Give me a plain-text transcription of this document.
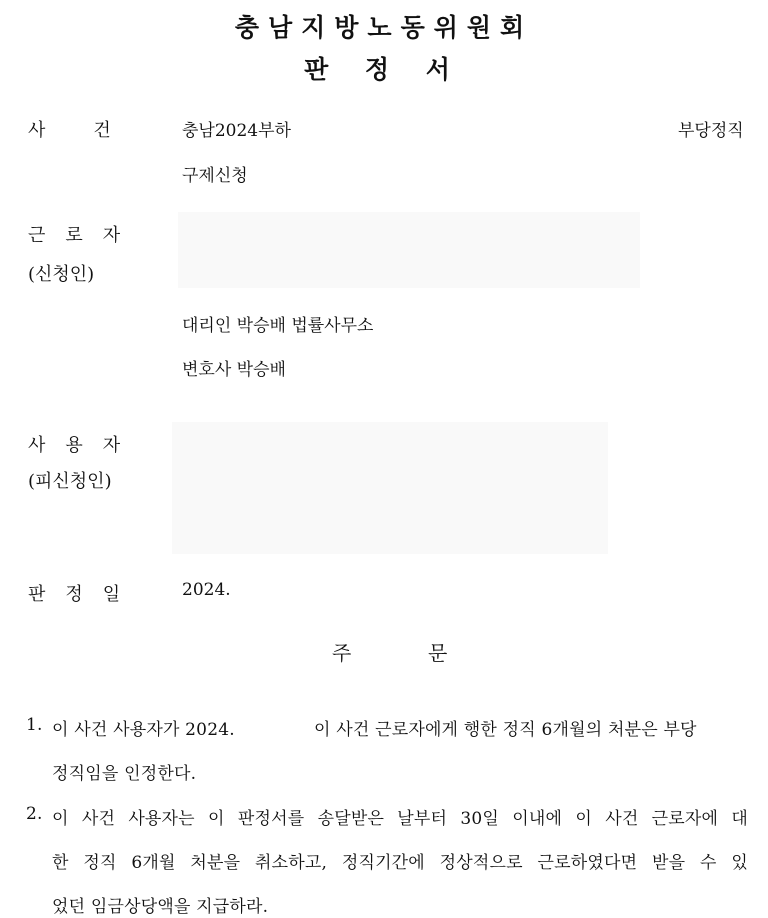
충남지방노동위원회
판 정 서
사건 충남2024부하	부당정직
구제신청
근로자
(신청인)
대리인 박승배 법률사무소
변호사 박승배
사용자
(피신청인)
판정일 2024.
주	문
1. 이 사건 사용자가 2024.	이 사건 근로자에게 행한 정직 6개월의 처분은 부당
정직임을 인정한다.
2. 이 사건 사용자는 이 판정서를 송달받은 날부터 30일 이내에 이 사건 근로자에 대
한 정직 6개월 처분을 취소하고, 정직기간에 정상적으로 근로하였다면 받을 수 있
었던 임금상당액을 지급하라.
